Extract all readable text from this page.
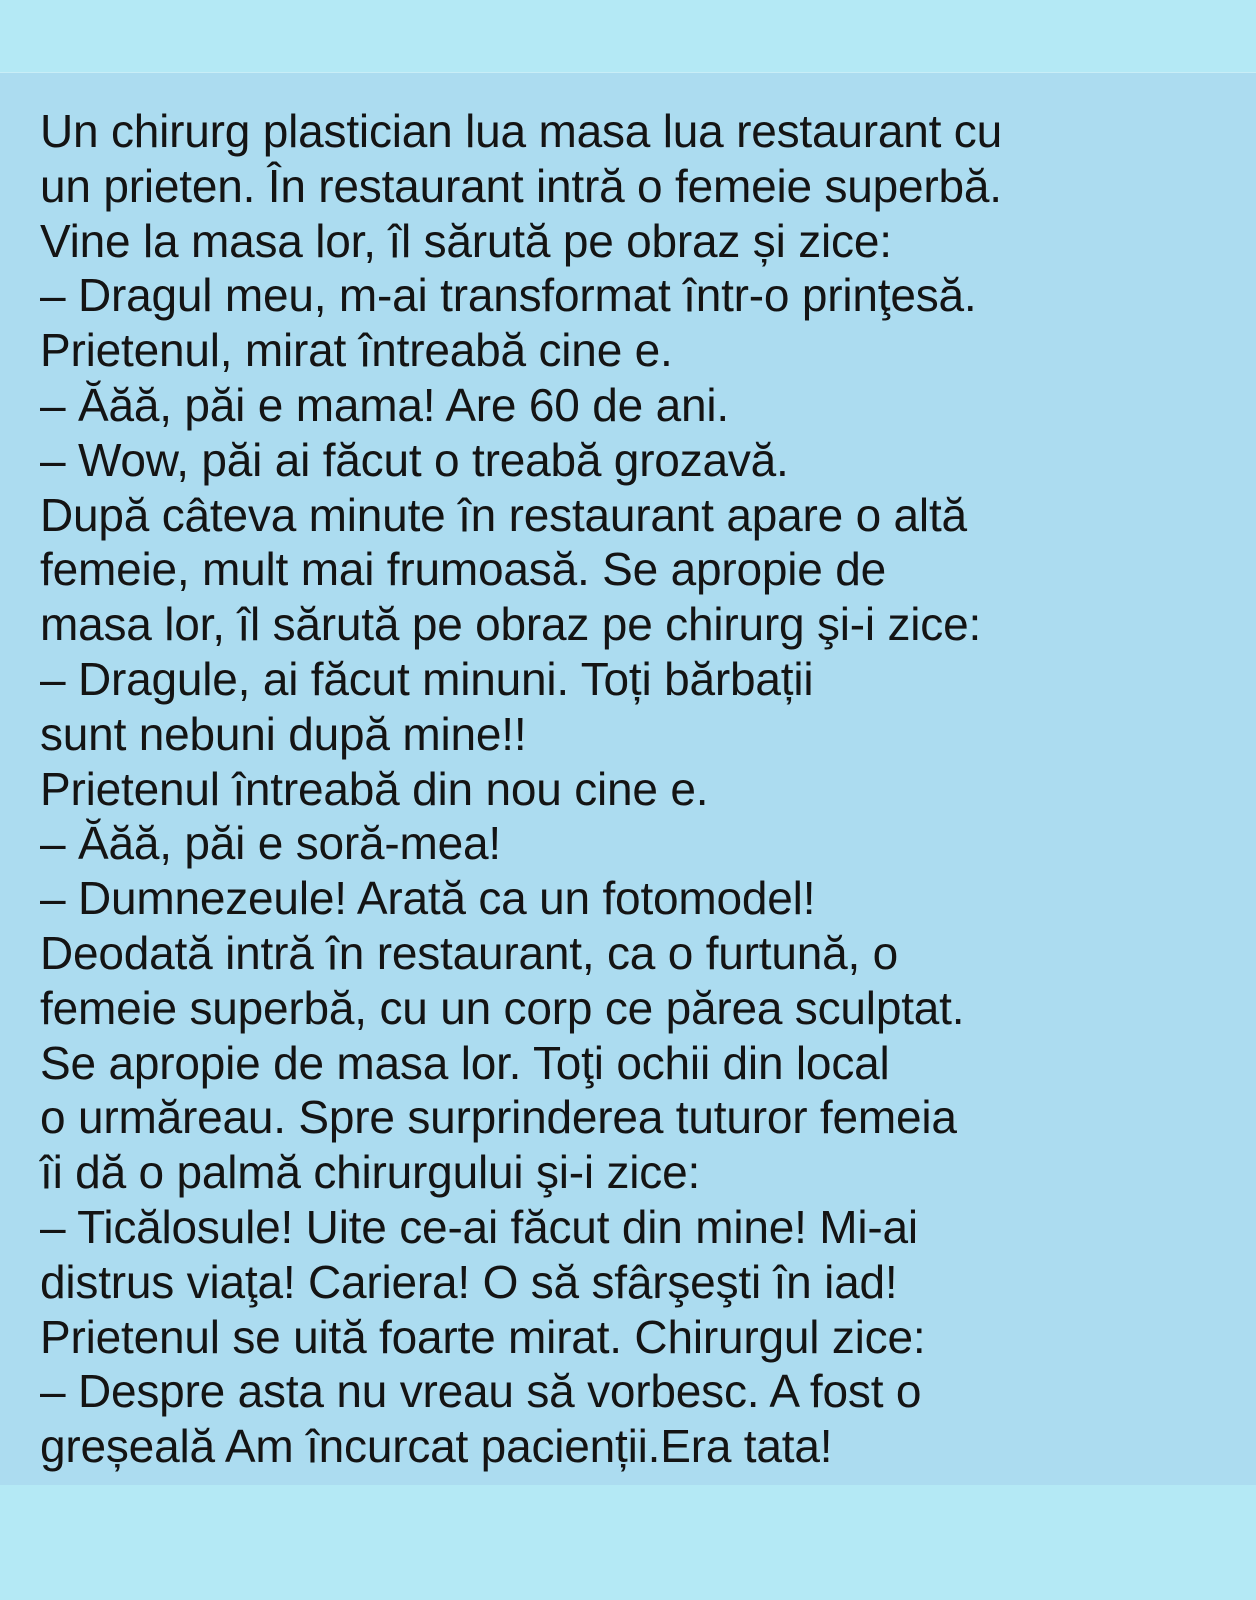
Un chirurg plastician lua masa lua restaurant cu
un prieten. În restaurant intră o femeie superbă.
Vine la masa lor, îl sărută pe obraz și zice:
– Dragul meu, m-ai transformat într-o prinţesă.
Prietenul, mirat întreabă cine e.
– Ăăă, păi e mama! Are 60 de ani.
– Wow, păi ai făcut o treabă grozavă.
După câteva minute în restaurant apare o altă
femeie, mult mai frumoasă. Se apropie de
masa lor, îl sărută pe obraz pe chirurg şi-i zice:
– Dragule, ai făcut minuni. Toți bărbații
sunt nebuni după mine!!
Prietenul întreabă din nou cine e.
– Ăăă, păi e soră-mea!
– Dumnezeule! Arată ca un fotomodel!
Deodată intră în restaurant, ca o furtună, o
femeie superbă, cu un corp ce părea sculptat.
Se apropie de masa lor. Toţi ochii din local
o urmăreau. Spre surprinderea tuturor femeia
îi dă o palmă chirurgului şi-i zice:
– Ticălosule! Uite ce-ai făcut din mine! Mi-ai
distrus viaţa! Cariera! O să sfârşeşti în iad!
Prietenul se uită foarte mirat. Chirurgul zice:
– Despre asta nu vreau să vorbesc. A fost o
greșeală Am încurcat pacienții.Era tata!
